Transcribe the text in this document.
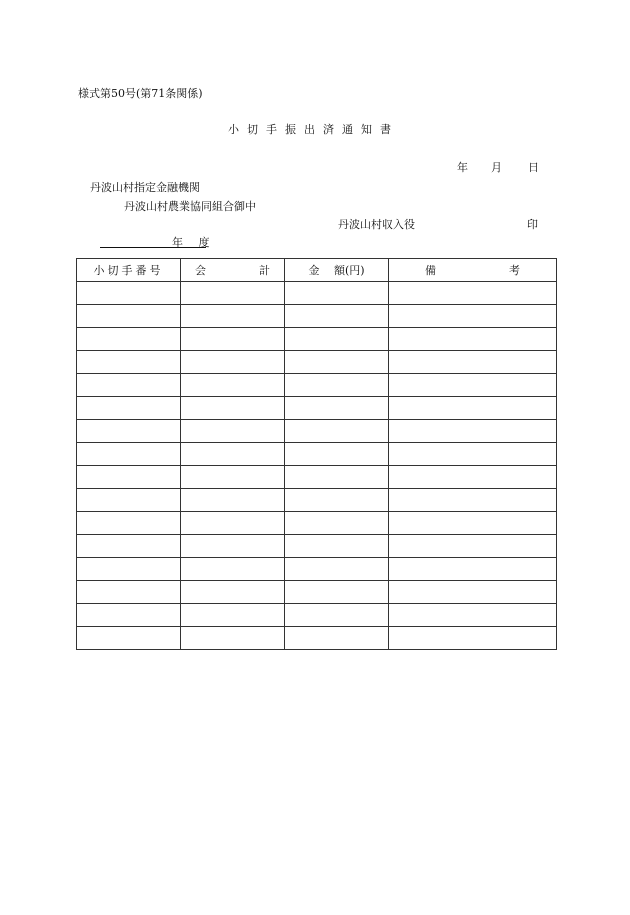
様式第50号(第71条関係)
小切手振出済通知書
年 月 日
丹波山村指定金融機関
丹波山村農業協同組合御中
丹波山村収入役	印
年 度
小切手番号	会 計	金　 額(円)	備 考
